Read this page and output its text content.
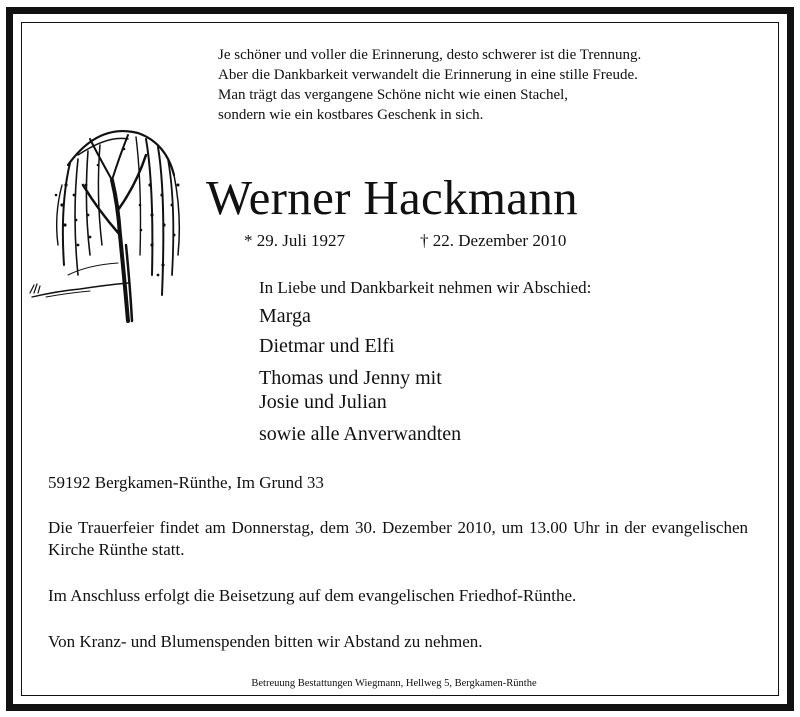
Je schöner und voller die Erinnerung, desto schwerer ist die Trennung.
Aber die Dankbarkeit verwandelt die Erinnerung in eine stille Freude.
Man trägt das vergangene Schöne nicht wie einen Stachel,
sondern wie ein kostbares Geschenk in sich.
Werner Hackmann
* 29. Juli 1927	† 22. Dezember 2010
In Liebe und Dankbarkeit nehmen wir Abschied:
Marga
Dietmar und Elfi
Thomas und Jenny mit
Josie und Julian
sowie alle Anverwandten
59192 Bergkamen-Rünthe, Im Grund 33
Die Trauerfeier findet am Donnerstag, dem 30. Dezember 2010, um 13.00 Uhr in der evangelischen Kirche Rünthe statt.
Im Anschluss erfolgt die Beisetzung auf dem evangelischen Friedhof-Rünthe.
Von Kranz- und Blumenspenden bitten wir Abstand zu nehmen.
Betreuung Bestattungen Wiegmann, Hellweg 5, Bergkamen-Rünthe
